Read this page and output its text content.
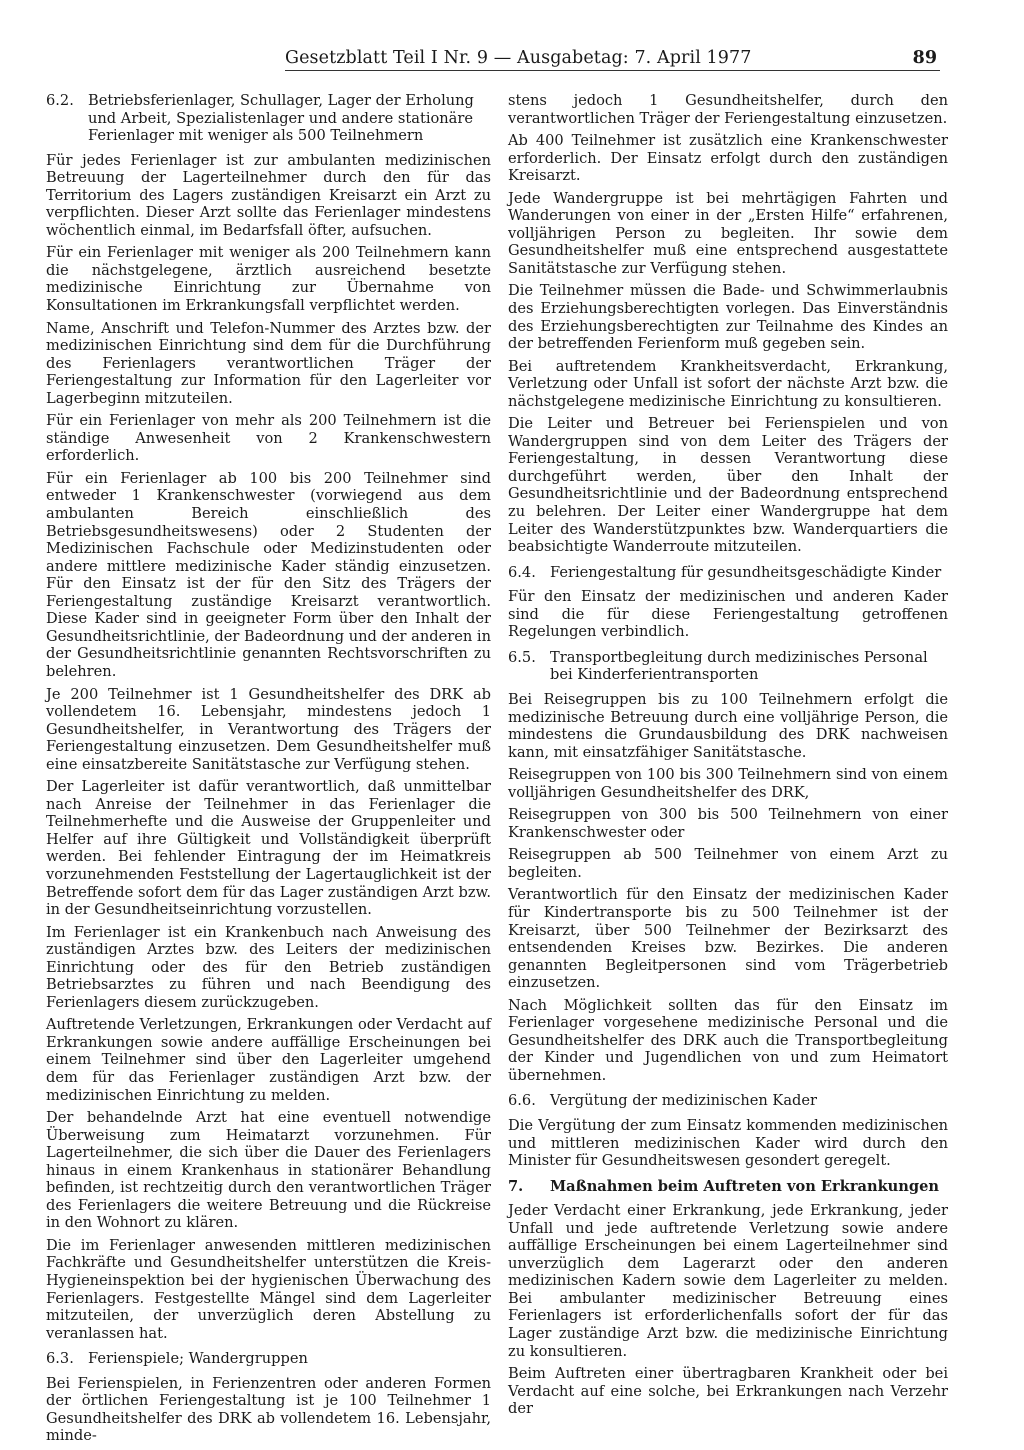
Gesetzblatt Teil I Nr. 9 — Ausgabetag: 7. April 1977	89
6.2. Betriebsferienlager, Schullager, Lager der Erholung und Arbeit, Spezialistenlager und andere stationäre Ferienlager mit weniger als 500 Teilnehmern

Für jedes Ferienlager ist zur ambulanten medizinischen Betreuung der Lagerteilnehmer durch den für das Territorium des Lagers zuständigen Kreisarzt ein Arzt zu verpflichten. Dieser Arzt sollte das Ferienlager mindestens wöchentlich einmal, im Bedarfsfall öfter, aufsuchen.

Für ein Ferienlager mit weniger als 200 Teilnehmern kann die nächstgelegene, ärztlich ausreichend besetzte medizinische Einrichtung zur Übernahme von Konsultationen im Erkrankungsfall verpflichtet werden.

Name, Anschrift und Telefon-Nummer des Arztes bzw. der medizinischen Einrichtung sind dem für die Durchführung des Ferienlagers verantwortlichen Träger der Feriengestaltung zur Information für den Lagerleiter vor Lagerbeginn mitzuteilen.

Für ein Ferienlager von mehr als 200 Teilnehmern ist die ständige Anwesenheit von 2 Krankenschwestern erforderlich.

Für ein Ferienlager ab 100 bis 200 Teilnehmer sind entweder 1 Krankenschwester (vorwiegend aus dem ambulanten Bereich einschließlich des Betriebsgesundheitswesens) oder 2 Studenten der Medizinischen Fachschule oder Medizinstudenten oder andere mittlere medizinische Kader ständig einzusetzen. Für den Einsatz ist der für den Sitz des Trägers der Feriengestaltung zuständige Kreisarzt verantwortlich. Diese Kader sind in geeigneter Form über den Inhalt der Gesundheitsrichtlinie, der Badeordnung und der anderen in der Gesundheitsrichtlinie genannten Rechtsvorschriften zu belehren.

Je 200 Teilnehmer ist 1 Gesundheitshelfer des DRK ab vollendetem 16. Lebensjahr, mindestens jedoch 1 Gesundheitshelfer, in Verantwortung des Trägers der Feriengestaltung einzusetzen. Dem Gesundheitshelfer muß eine einsatzbereite Sanitätstasche zur Verfügung stehen.

Der Lagerleiter ist dafür verantwortlich, daß unmittelbar nach Anreise der Teilnehmer in das Ferienlager die Teilnehmerhefte und die Ausweise der Gruppenleiter und Helfer auf ihre Gültigkeit und Vollständigkeit überprüft werden. Bei fehlender Eintragung der im Heimatkreis vorzunehmenden Feststellung der Lagertauglichkeit ist der Betreffende sofort dem für das Lager zuständigen Arzt bzw. in der Gesundheitseinrichtung vorzustellen.

Im Ferienlager ist ein Krankenbuch nach Anweisung des zuständigen Arztes bzw. des Leiters der medizinischen Einrichtung oder des für den Betrieb zuständigen Betriebsarztes zu führen und nach Beendigung des Ferienlagers diesem zurückzugeben.

Auftretende Verletzungen, Erkrankungen oder Verdacht auf Erkrankungen sowie andere auffällige Erscheinungen bei einem Teilnehmer sind über den Lagerleiter umgehend dem für das Ferienlager zuständigen Arzt bzw. der medizinischen Einrichtung zu melden.

Der behandelnde Arzt hat eine eventuell notwendige Überweisung zum Heimatarzt vorzunehmen. Für Lagerteilnehmer, die sich über die Dauer des Ferienlagers hinaus in einem Krankenhaus in stationärer Behandlung befinden, ist rechtzeitig durch den verantwortlichen Träger des Ferienlagers die weitere Betreuung und die Rückreise in den Wohnort zu klären.

Die im Ferienlager anwesenden mittleren medizinischen Fachkräfte und Gesundheitshelfer unterstützen die Kreis-Hygieneinspektion bei der hygienischen Überwachung des Ferienlagers. Festgestellte Mängel sind dem Lagerleiter mitzuteilen, der unverzüglich deren Abstellung zu veranlassen hat.

6.3. Ferienspiele; Wandergruppen

Bei Ferienspielen, in Ferienzentren oder anderen Formen der örtlichen Feriengestaltung ist je 100 Teilnehmer 1 Gesundheitshelfer des DRK ab vollendetem 16. Lebensjahr, minde-

stens jedoch 1 Gesundheitshelfer, durch den verantwortlichen Träger der Feriengestaltung einzusetzen.

Ab 400 Teilnehmer ist zusätzlich eine Krankenschwester erforderlich. Der Einsatz erfolgt durch den zuständigen Kreisarzt.

Jede Wandergruppe ist bei mehrtägigen Fahrten und Wanderungen von einer in der „Ersten Hilfe“ erfahrenen, volljährigen Person zu begleiten. Ihr sowie dem Gesundheitshelfer muß eine entsprechend ausgestattete Sanitätstasche zur Verfügung stehen.

Die Teilnehmer müssen die Bade- und Schwimmerlaubnis des Erziehungsberechtigten vorlegen. Das Einverständnis des Erziehungsberechtigten zur Teilnahme des Kindes an der betreffenden Ferienform muß gegeben sein.

Bei auftretendem Krankheitsverdacht, Erkrankung, Verletzung oder Unfall ist sofort der nächste Arzt bzw. die nächstgelegene medizinische Einrichtung zu konsultieren.

Die Leiter und Betreuer bei Ferienspielen und von Wandergruppen sind von dem Leiter des Trägers der Feriengestaltung, in dessen Verantwortung diese durchgeführt werden, über den Inhalt der Gesundheitsrichtlinie und der Badeordnung entsprechend zu belehren. Der Leiter einer Wandergruppe hat dem Leiter des Wanderstützpunktes bzw. Wanderquartiers die beabsichtigte Wanderroute mitzuteilen.

6.4. Feriengestaltung für gesundheitsgeschädigte Kinder

Für den Einsatz der medizinischen und anderen Kader sind die für diese Feriengestaltung getroffenen Regelungen verbindlich.

6.5. Transportbegleitung durch medizinisches Personal bei Kinderferientransporten

Bei Reisegruppen bis zu 100 Teilnehmern erfolgt die medizinische Betreuung durch eine volljährige Person, die mindestens die Grundausbildung des DRK nachweisen kann, mit einsatzfähiger Sanitätstasche.

Reisegruppen von 100 bis 300 Teilnehmern sind von einem volljährigen Gesundheitshelfer des DRK,

Reisegruppen von 300 bis 500 Teilnehmern von einer Krankenschwester oder

Reisegruppen ab 500 Teilnehmer von einem Arzt zu begleiten.

Verantwortlich für den Einsatz der medizinischen Kader für Kindertransporte bis zu 500 Teilnehmer ist der Kreisarzt, über 500 Teilnehmer der Bezirksarzt des entsendenden Kreises bzw. Bezirkes. Die anderen genannten Begleitpersonen sind vom Trägerbetrieb einzusetzen.

Nach Möglichkeit sollten das für den Einsatz im Ferienlager vorgesehene medizinische Personal und die Gesundheitshelfer des DRK auch die Transportbegleitung der Kinder und Jugendlichen von und zum Heimatort übernehmen.

6.6. Vergütung der medizinischen Kader

Die Vergütung der zum Einsatz kommenden medizinischen und mittleren medizinischen Kader wird durch den Minister für Gesundheitswesen gesondert geregelt.

7.	Maßnahmen beim Auftreten von Erkrankungen

Jeder Verdacht einer Erkrankung, jede Erkrankung, jeder Unfall und jede auftretende Verletzung sowie andere auffällige Erscheinungen bei einem Lagerteilnehmer sind unverzüglich dem Lagerarzt oder den anderen medizinischen Kadern sowie dem Lagerleiter zu melden. Bei ambulanter medizinischer Betreuung eines Ferienlagers ist erforderlichenfalls sofort der für das Lager zuständige Arzt bzw. die medizinische Einrichtung zu konsultieren.

Beim Auftreten einer übertragbaren Krankheit oder bei Verdacht auf eine solche, bei Erkrankungen nach Verzehr der
